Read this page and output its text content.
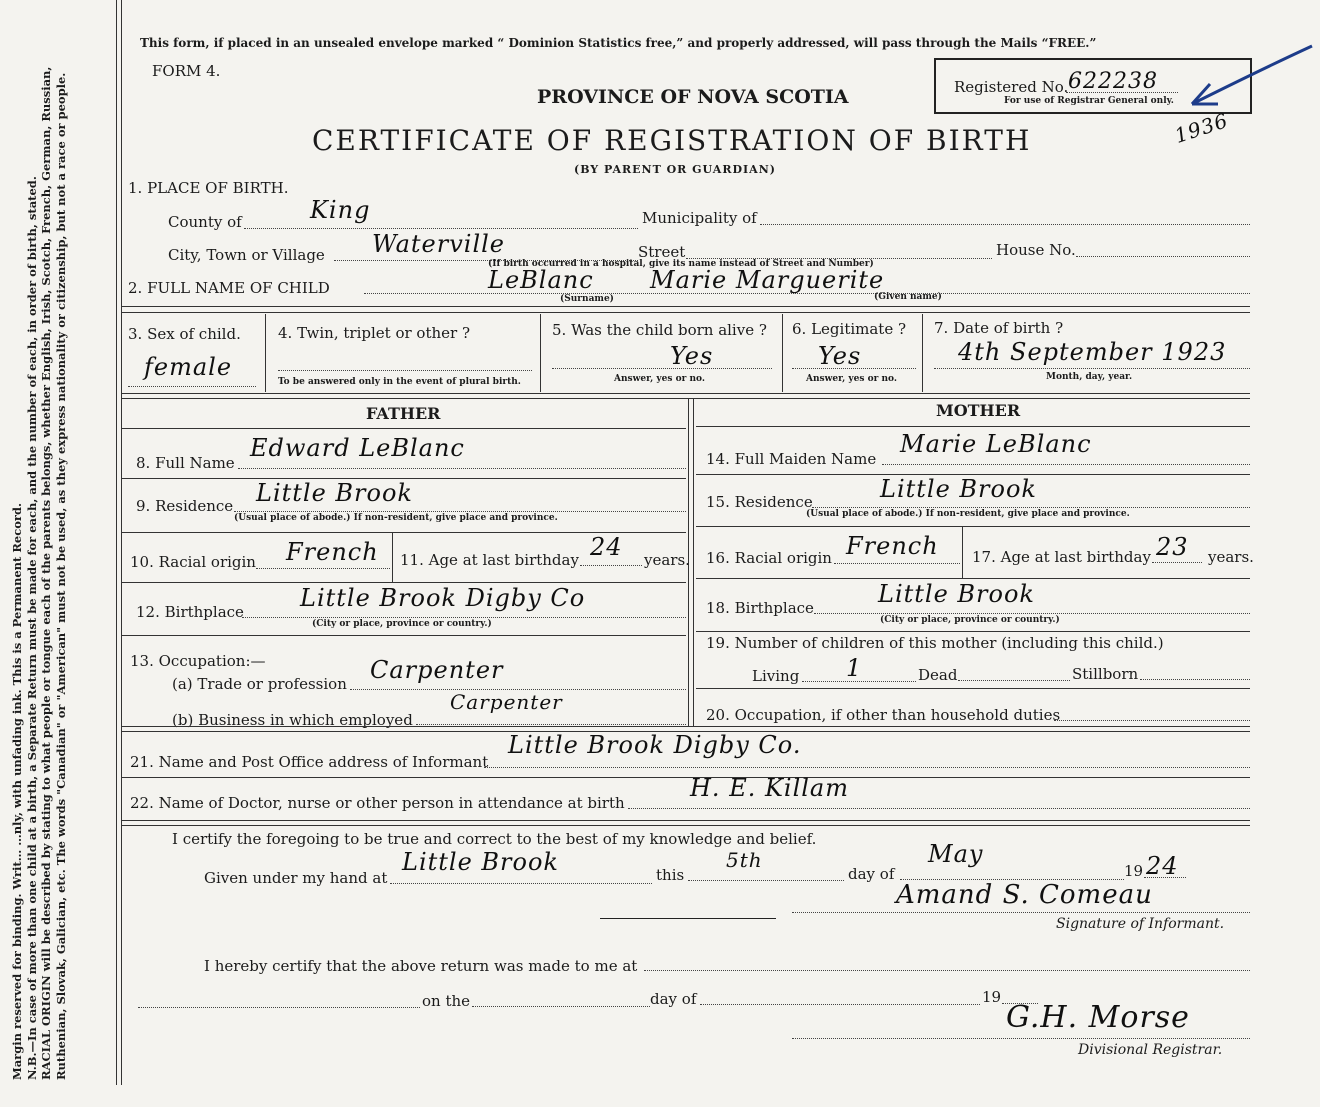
Margin reserved for binding. Writ… …nly, with unfading ink. This is a Permanent Record. N.B.—In case of more than one child at a birth, a Separate Return must be made for each, and the number of each, in order of birth, stated. RACIAL ORIGIN will be described by stating to what people or tongue each of the parents belongs, whether English, Irish, Scotch, French, German, Russian, Ruthenian, Slovak, Galician, etc. The words "Canadian" or "American" must not be used, as they express nationality or citizenship, but not a race or people.
This form, if placed in an unsealed envelope marked “ Dominion Statistics free,” and properly addressed, will pass through the Mails “FREE.”
FORM 4.
PROVINCE OF NOVA SCOTIA	Registered No. 622238
For use of Registrar General only.
1936
CERTIFICATE OF REGISTRATION OF BIRTH
(BY PARENT OR GUARDIAN)
1. PLACE OF BIRTH.
County of	King	Municipality of
City, Town or Village Waterville	Street	House No.
(If birth occurred in a hospital, give its name instead of Street and Number)
2. FULL NAME OF CHILD	LeBlanc Marie Marguerite
(Surname)	(Given name)
3. Sex of child.
female
4. Twin, triplet or other ?
To be answered only in the event of plural birth.
5. Was the child born alive ?
Yes
Answer, yes or no.
6. Legitimate ?
Yes
Answer, yes or no.
7. Date of birth ?
4th September 1923
Month, day, year.
FATHER
8. Full Name
Edward LeBlanc
9. Residence Little Brook
(Usual place of abode.) If non-resident, give place and province.
10. Racial origin French 11. Age at last birthday 24 years.
12. Birthplace Little Brook Digby Co
(City or place, province or country.)
13. Occupation:—
(a) Trade or profession Carpenter
(b) Business in which employed
Carpenter
MOTHER
14. Full Maiden Name
Marie LeBlanc
15. Residence	Little Brook
(Usual place of abode.) If non-resident, give place and province.
16. Racial origin French 17. Age at last birthday 23 years.
18. Birthplace	Little Brook
(City or place, province or country.)
19. Number of children of this mother (including this child.)
Living 1	Dead	Stillborn
20. Occupation, if other than household duties
21. Name and Post Office address of Informant
Little Brook Digby Co.
22. Name of Doctor, nurse or other person in attendance at birth
H. E. Killam
I certify the foregoing to be true and correct to the best of my knowledge and belief.
Given under my hand at
Little Brook	this
5th
day of
May
19 24
Amand S. Comeau
Signature of Informant.
I hereby certify that the above return was made to me at
on the	day of	19
G.H. Morse
Divisional Registrar.
